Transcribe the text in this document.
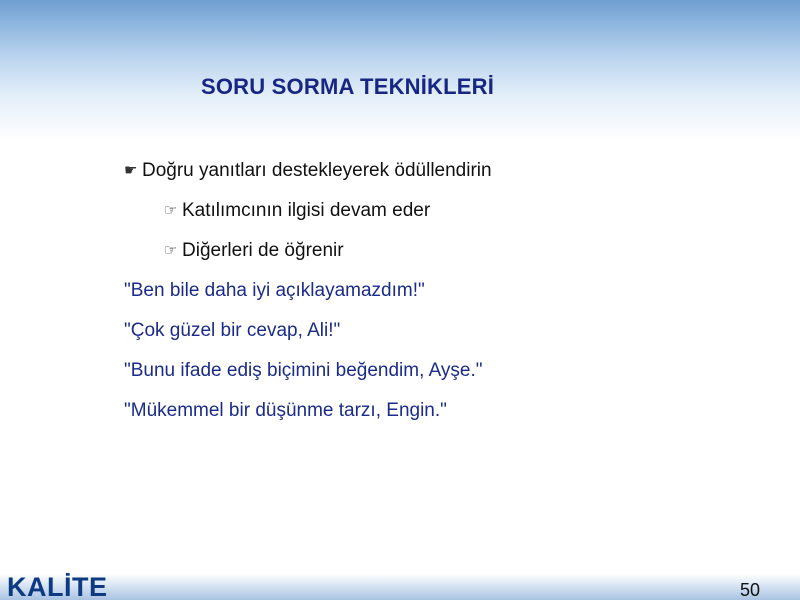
SORU SORMA TEKNİKLERİ
☛ Doğru yanıtları destekleyerek ödüllendirin
☞ Katılımcının ilgisi devam eder
☞ Diğerleri de öğrenir
"Ben bile daha iyi açıklayamazdım!"
"Çok güzel bir cevap, Ali!"
"Bunu ifade ediş biçimini beğendim, Ayşe."
"Mükemmel bir düşünme tarzı, Engin."
KALİTE	50
